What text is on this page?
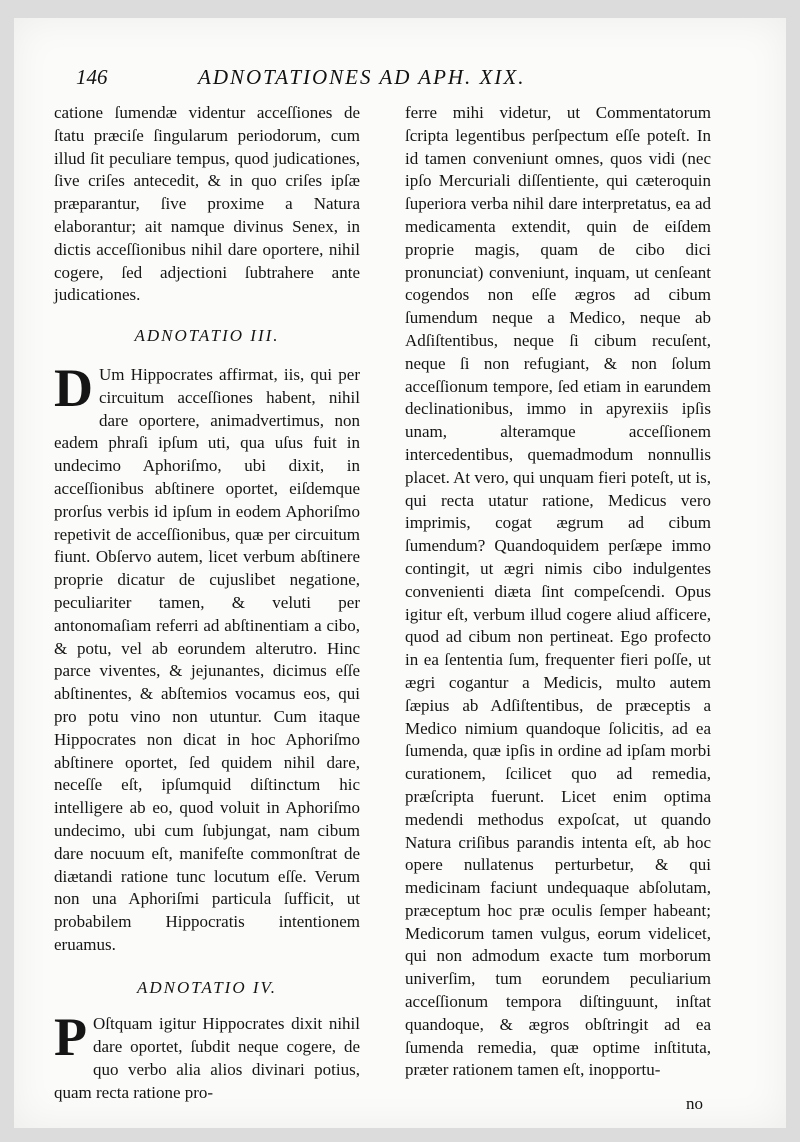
146	ADNOTATIONES AD APH. XIX.

catione ſumendæ videntur acceſſiones de ſtatu præciſe ſingularum periodorum, cum illud ſit peculiare tempus, quod judicationes, ſive criſes antecedit, & in quo criſes ipſæ præparantur, ſive proxime a Natura elaborantur; ait namque divinus Senex, in dictis acceſſionibus nihil dare oportere, nihil cogere, ſed adjectioni ſubtrahere ante judicationes.

ADNOTATIO III.

D Um Hippocrates affirmat, iis, qui per circuitum acceſſiones habent, nihil dare oportere, animadvertimus, non eadem phraſi ipſum uti, qua uſus fuit in undecimo Aphoriſmo, ubi dixit, in acceſſionibus abſtinere oportet, eiſdemque prorſus verbis id ipſum in eodem Aphoriſmo repetivit de acceſſionibus, quæ per circuitum fiunt. Obſervo autem, licet verbum abſtinere proprie dicatur de cujuslibet negatione, peculiariter tamen, & veluti per antonomaſiam referri ad abſtinentiam a cibo, & potu, vel ab eorundem alterutro. Hinc parce viventes, & jejunantes, dicimus eſſe abſtinentes, & abſtemios vocamus eos, qui pro potu vino non utuntur. Cum itaque Hippocrates non dicat in hoc Aphoriſmo abſtinere oportet, ſed quidem nihil dare, neceſſe eſt, ipſumquid diſtinctum hic intelligere ab eo, quod voluit in Aphoriſmo undecimo, ubi cum ſubjungat, nam cibum dare nocuum eſt, manifeſte commonſtrat de diætandi ratione tunc locutum eſſe. Verum non una Aphoriſmi particula ſufficit, ut probabilem Hippocratis intentionem eruamus.

ADNOTATIO IV.

P Oſtquam igitur Hippocrates dixit nihil dare oportet, ſubdit neque cogere, de quo verbo alia alios divinari potius, quam recta ratione pro-

ferre mihi videtur, ut Commentatorum ſcripta legentibus perſpectum eſſe poteſt. In id tamen conveniunt omnes, quos vidi (nec ipſo Mercuriali diſſentiente, qui cæteroquin ſuperiora verba nihil dare interpretatus, ea ad medicamenta extendit, quin de eiſdem proprie magis, quam de cibo dici pronunciat) conveniunt, inquam, ut cenſeant cogendos non eſſe ægros ad cibum ſumendum neque a Medico, neque ab Adſiſtentibus, neque ſi cibum recuſent, neque ſi non refugiant, & non ſolum acceſſionum tempore, ſed etiam in earundem declinationibus, immo in apyrexiis ipſis unam, alteramque acceſſionem intercedentibus, quemadmodum nonnullis placet. At vero, qui unquam fieri poteſt, ut is, qui recta utatur ratione, Medicus vero imprimis, cogat ægrum ad cibum ſumendum? Quandoquidem perſæpe immo contingit, ut ægri nimis cibo indulgentes convenienti diæta ſint compeſcendi. Opus igitur eſt, verbum illud cogere aliud aſficere, quod ad cibum non pertineat. Ego profecto in ea ſententia ſum, frequenter fieri poſſe, ut ægri cogantur a Medicis, multo autem ſæpius ab Adſiſtentibus, de præceptis a Medico nimium quandoque ſolicitis, ad ea ſumenda, quæ ipſis in ordine ad ipſam morbi curationem, ſcilicet quo ad remedia, præſcripta fuerunt. Licet enim optima medendi methodus expoſcat, ut quando Natura criſibus parandis intenta eſt, ab hoc opere nullatenus perturbetur, & qui medicinam faciunt undequaque abſolutam, præceptum hoc præ oculis ſemper habeant; Medicorum tamen vulgus, eorum videlicet, qui non admodum exacte tum morborum univerſim, tum eorundem peculiarium acceſſionum tempora diſtinguunt, inſtat quandoque, & ægros obſtringit ad ea ſumenda remedia, quæ optime inſtituta, præter rationem tamen eſt, inopportu-

no
